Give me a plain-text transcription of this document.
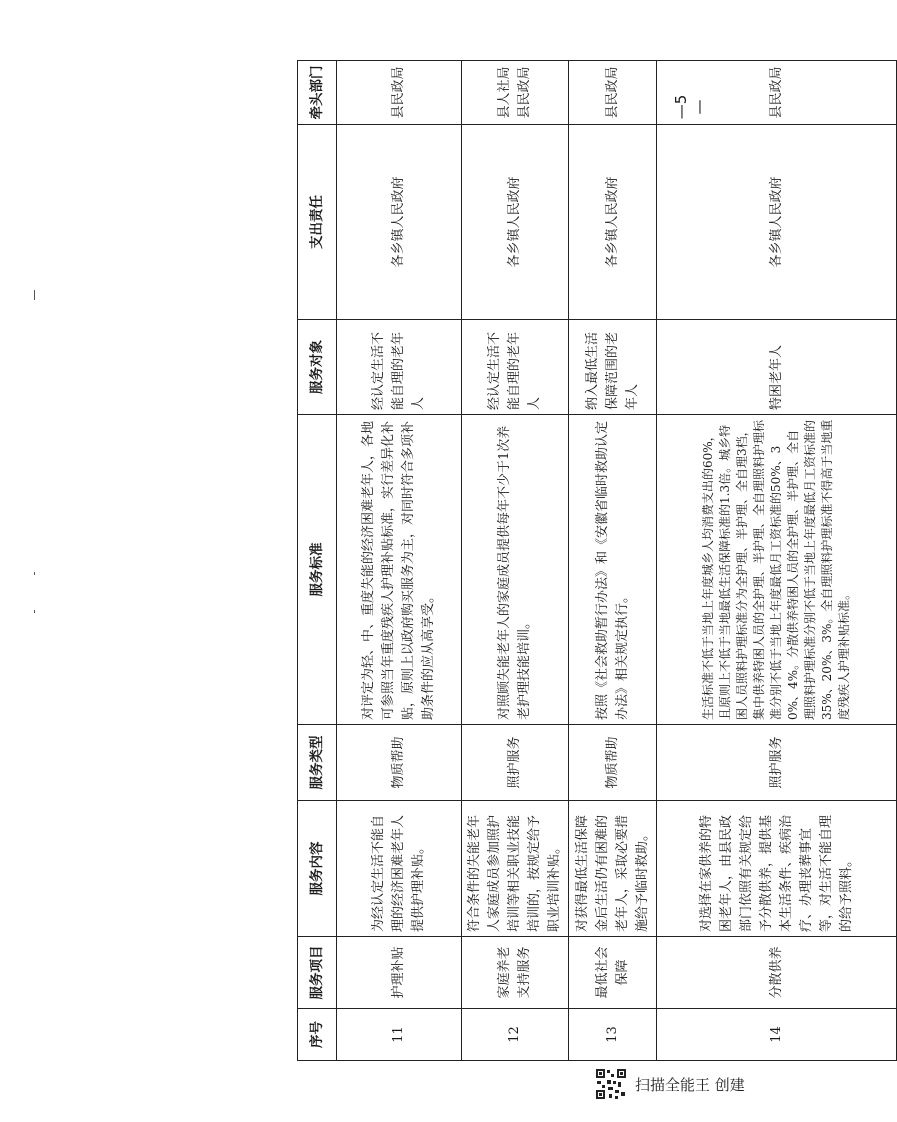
序号	服务项目	服务内容	服务类型	服务标准	服务对象	支出责任	牵头部门
11	护理补贴	为经认定生活不能自理的经济困难老年人提供护理补贴。	物质帮助	对评定为轻、中、重度失能的经济困难老年人，各地可参照当年重度残疾人护理补贴标准，实行差异化补贴，原则上以政府购买服务为主，对同时符合多项补助条件的应从高享受。	经认定生活不能自理的老年人	各乡镇人民政府	县民政局
12	家庭养老支持服务	符合条件的失能老年人家庭成员参加照护培训等相关职业技能培训的，按规定给予职业培训补贴。	照护服务	对照顾失能老年人的家庭成员提供每年不少于1次养老护理技能培训。	经认定生活不能自理的老年人	各乡镇人民政府	县人社局 县民政局
13	最低社会保障	对获得最低生活保障金后生活仍有困难的老年人，采取必要措施给予临时救助。	物质帮助	按照《社会救助暂行办法》和《安徽省临时救助认定办法》相关规定执行。	纳入最低生活保障范围的老年人	各乡镇人民政府	县民政局
14	分散供养	对选择在家供养的特困老年人，由县民政部门依照有关规定给予分散供养，提供基本生活条件、疾病治疗、办理丧葬事宜等，对生活不能自理的给予照料。	照护服务	生活标准不低于当地上年度城乡人均消费支出的60%，且原则上不低于当地最低生活保障标准的1.3倍。城乡特困人员照料护理标准分为全护理、半护理、全自理3档，集中供养特困人员的全护理、半护理、全自理照料护理标准分别不低于当地上年度最低月工资标准的50%、30%、4%。分散供养特困人员的全护理、半护理、全自理照料护理标准分别不低于当地上年度最低月工资标准的35%、20%、3%。全自理照料护理标准不得高于当地重度残疾人护理补贴标准。	特困老年人	各乡镇人民政府	县民政局
—5—
扫描全能王 创建
